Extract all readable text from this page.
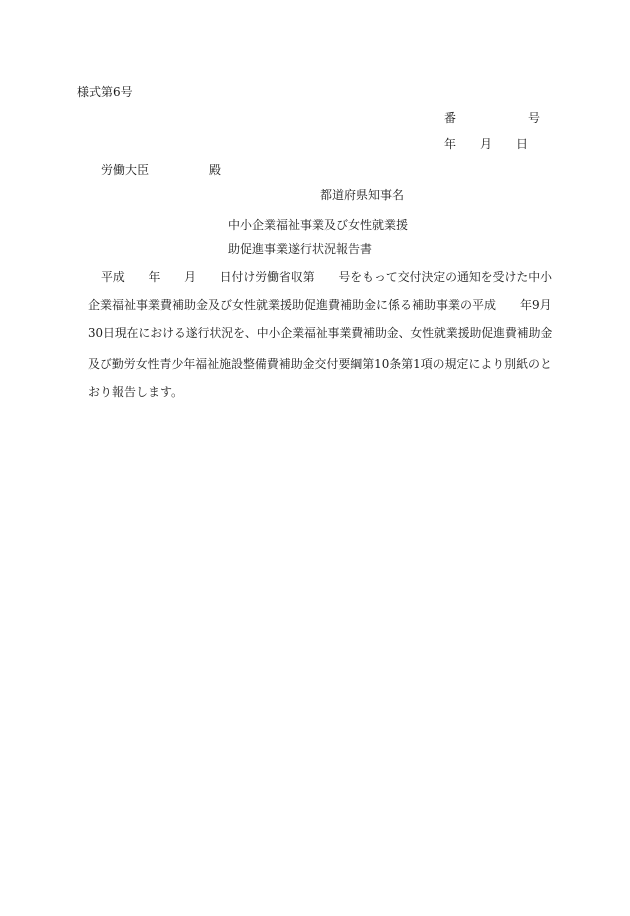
様式第6号
番　　　　　　号
年　　月　　日
労働大臣　　　　　殿
都道府県知事名
中小企業福祉事業及び女性就業援
助促進事業遂行状況報告書
平成　　年　　月　　日付け労働省収第　　号をもって交付決定の通知を受けた中小
企業福祉事業費補助金及び女性就業援助促進費補助金に係る補助事業の平成　　年9月
30日現在における遂行状況を、中小企業福祉事業費補助金、女性就業援助促進費補助金
及び勤労女性青少年福祉施設整備費補助金交付要綱第10条第1項の規定により別紙のと
おり報告します。
